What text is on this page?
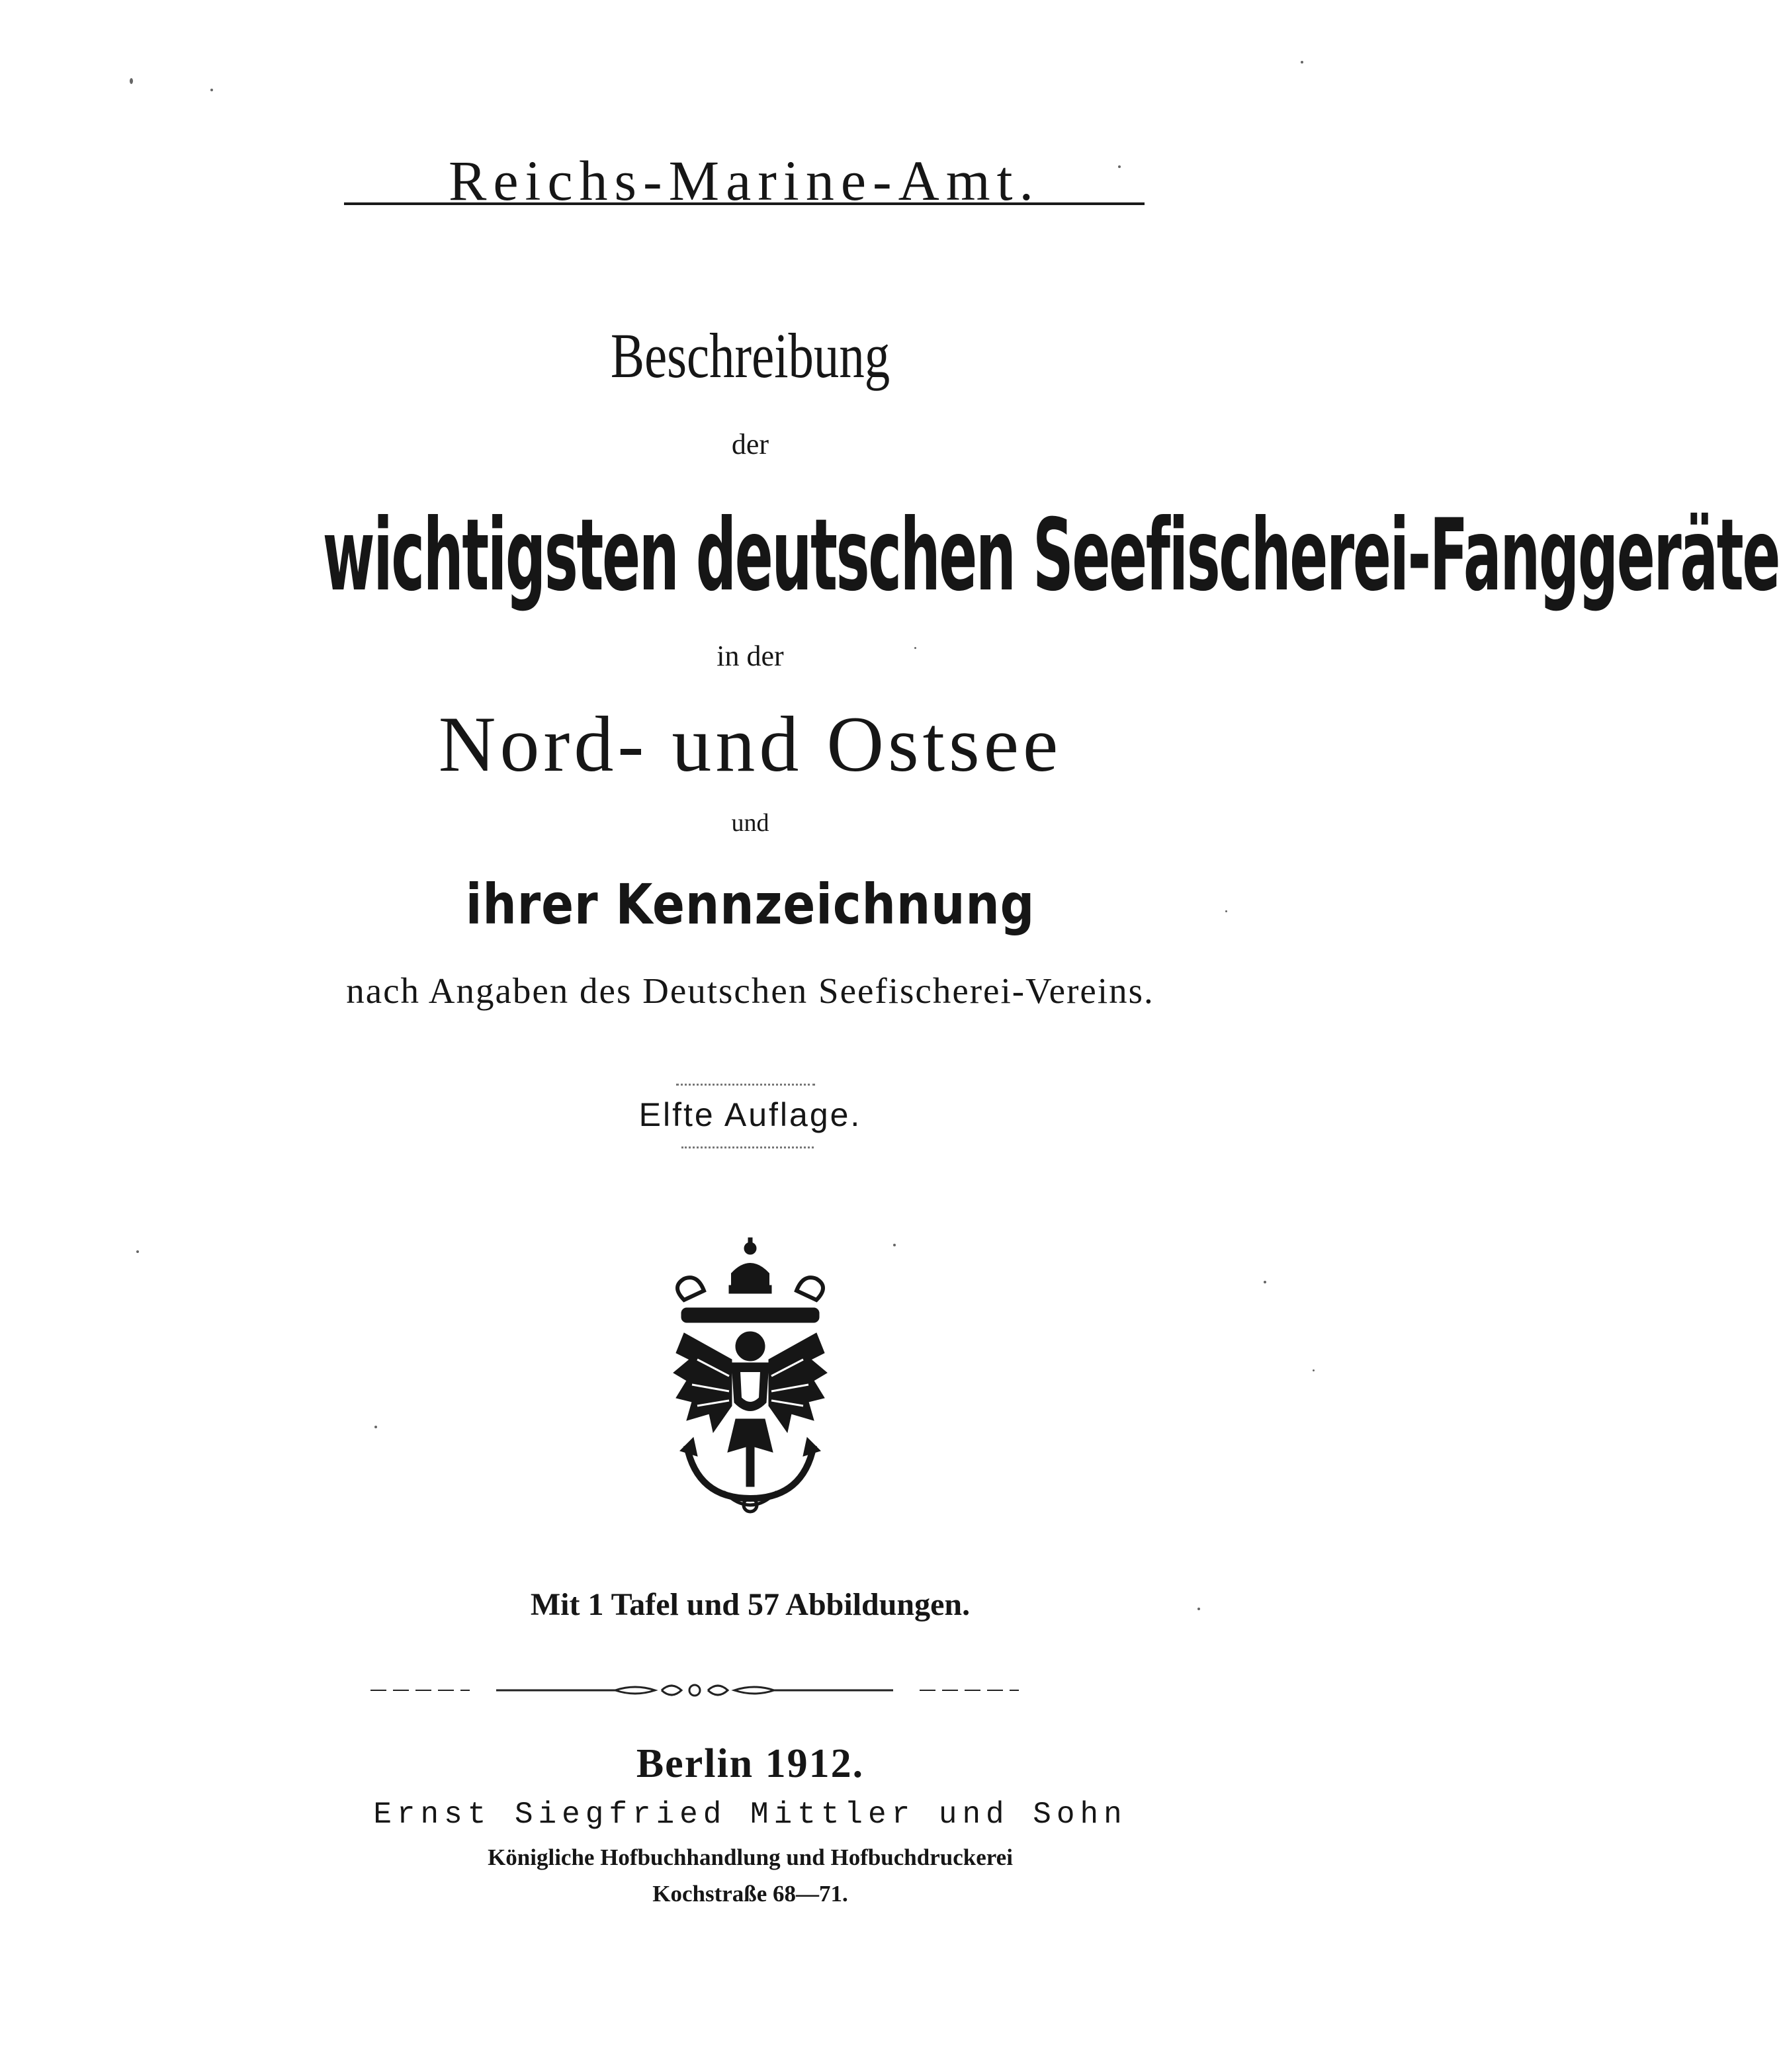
Reichs-Marine-Amt.
Beschreibung
der
wichtigsten deutschen Seefischerei-Fanggeräte
in der
Nord- und Ostsee
und
ihrer Kennzeichnung
nach Angaben des Deutschen Seefischerei-Vereins.
Elfte Auflage.
Mit 1 Tafel und 57 Abbildungen.
Berlin 1912.
Ernst Siegfried Mittler und Sohn
Königliche Hofbuchhandlung und Hofbuchdruckerei
Kochstraße 68—71.
